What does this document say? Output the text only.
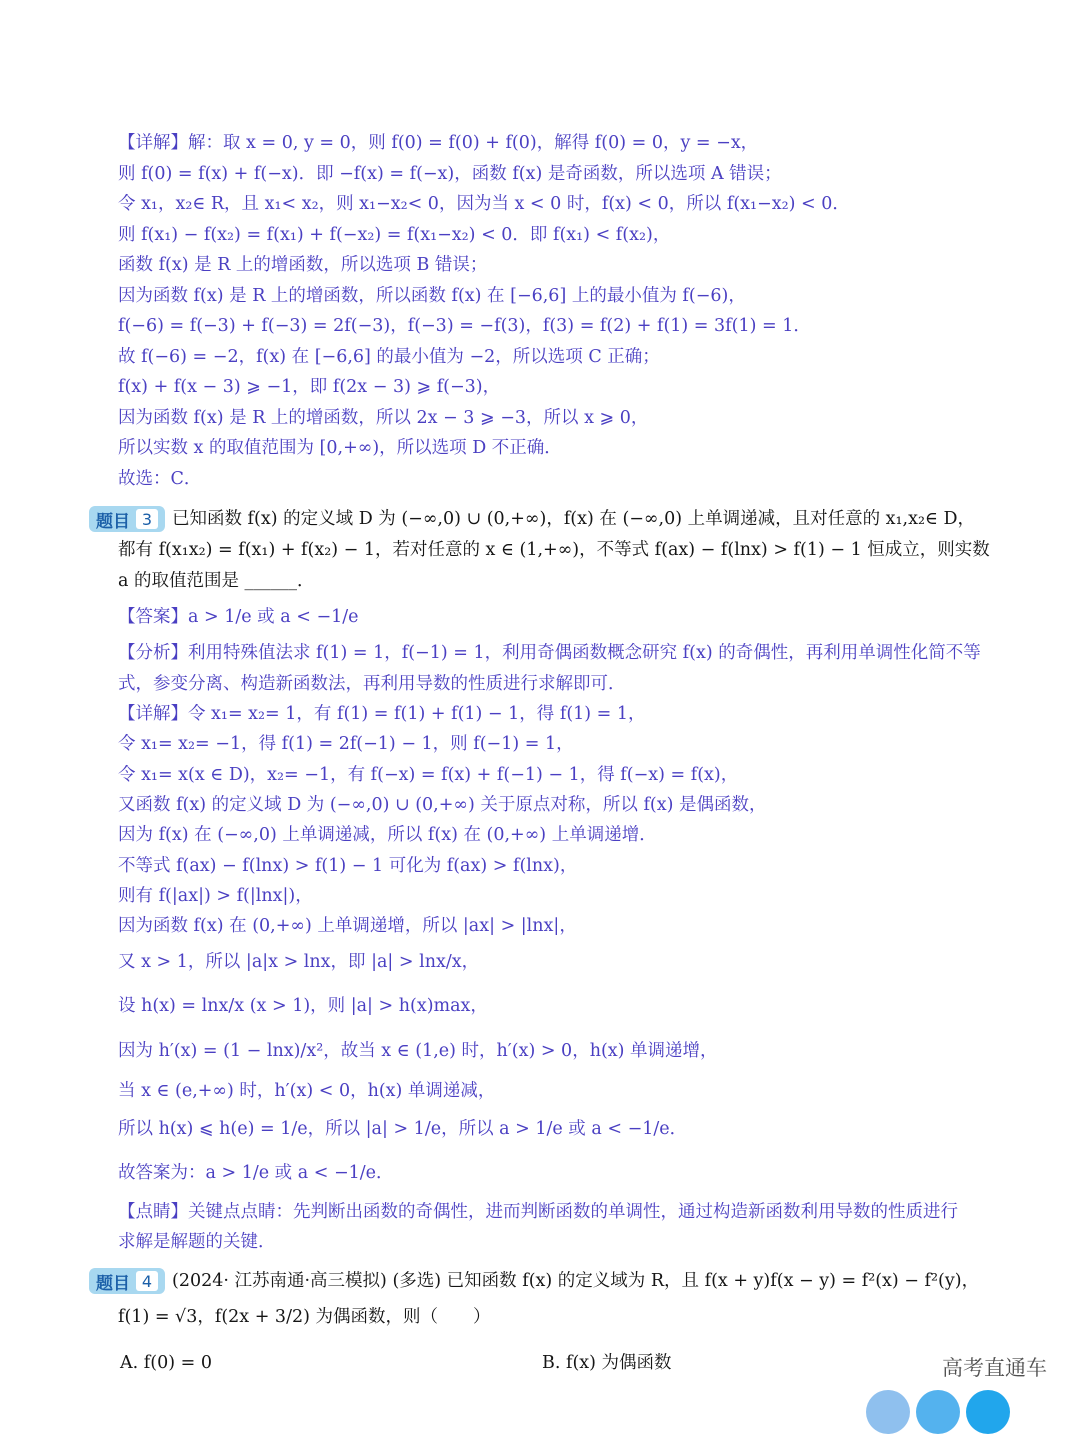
【详解】解：取 x = 0, y = 0，则 f(0) = f(0) + f(0)，解得 f(0) = 0，y = −x，
则 f(0) = f(x) + f(−x)．即 −f(x) = f(−x)，函数 f(x) 是奇函数，所以选项 A 错误；
令 x₁，x₂∈ R，且 x₁< x₂，则 x₁−x₂< 0，因为当 x < 0 时，f(x) < 0，所以 f(x₁−x₂) < 0．
则 f(x₁) − f(x₂) = f(x₁) + f(−x₂) = f(x₁−x₂) < 0．即 f(x₁) < f(x₂)，
函数 f(x) 是 R 上的增函数，所以选项 B 错误；
因为函数 f(x) 是 R 上的增函数，所以函数 f(x) 在 [−6,6] 上的最小值为 f(−6)，
f(−6) = f(−3) + f(−3) = 2f(−3)，f(−3) = −f(3)，f(3) = f(2) + f(1) = 3f(1) = 1．
故 f(−6) = −2，f(x) 在 [−6,6] 的最小值为 −2，所以选项 C 正确；
f(x) + f(x − 3) ⩾ −1，即 f(2x − 3) ⩾ f(−3)，
因为函数 f(x) 是 R 上的增函数，所以 2x − 3 ⩾ −3，所以 x ⩾ 0，
所以实数 x 的取值范围为 [0,+∞)，所以选项 D 不正确．
故选：C．
题目 3	已知函数 f(x) 的定义域 D 为 (−∞,0) ∪ (0,+∞)，f(x) 在 (−∞,0) 上单调递减，且对任意的 x₁,x₂∈ D，
都有 f(x₁x₂) = f(x₁) + f(x₂) − 1，若对任意的 x ∈ (1,+∞)，不等式 f(ax) − f(lnx) > f(1) − 1 恒成立，则实数
a 的取值范围是 ______．
【答案】a > 1/e 或 a < −1/e
【分析】利用特殊值法求 f(1) = 1，f(−1) = 1，利用奇偶函数概念研究 f(x) 的奇偶性，再利用单调性化简不等
式，参变分离、构造新函数法，再利用导数的性质进行求解即可．
【详解】令 x₁= x₂= 1，有 f(1) = f(1) + f(1) − 1，得 f(1) = 1，
令 x₁= x₂= −1，得 f(1) = 2f(−1) − 1，则 f(−1) = 1，
令 x₁= x(x ∈ D)，x₂= −1，有 f(−x) = f(x) + f(−1) − 1，得 f(−x) = f(x)，
又函数 f(x) 的定义域 D 为 (−∞,0) ∪ (0,+∞) 关于原点对称，所以 f(x) 是偶函数，
因为 f(x) 在 (−∞,0) 上单调递减，所以 f(x) 在 (0,+∞) 上单调递增．
不等式 f(ax) − f(lnx) > f(1) − 1 可化为 f(ax) > f(lnx)，
则有 f(|ax|) > f(|lnx|)，
因为函数 f(x) 在 (0,+∞) 上单调递增，所以 |ax| > |lnx|，
又 x > 1，所以 |a|x > lnx，即 |a| > lnx/x，
设 h(x) = lnx/x (x > 1)，则 |a| > h(x)max，
因为 h′(x) = (1 − lnx)/x²，故当 x ∈ (1,e) 时，h′(x) > 0，h(x) 单调递增，
当 x ∈ (e,+∞) 时，h′(x) < 0，h(x) 单调递减，
所以 h(x) ⩽ h(e) = 1/e，所以 |a| > 1/e，所以 a > 1/e 或 a < −1/e．
故答案为：a > 1/e 或 a < −1/e．
【点睛】关键点点睛：先判断出函数的奇偶性，进而判断函数的单调性，通过构造新函数利用导数的性质进行
求解是解题的关键．
题目 4	(2024· 江苏南通·高三模拟) (多选) 已知函数 f(x) 的定义域为 R，且 f(x + y)f(x − y) = f²(x) − f²(y)，
f(1) = √3，f(2x + 3/2) 为偶函数，则（　　）
A. f(0) = 0	B. f(x) 为偶函数	高考直通车
